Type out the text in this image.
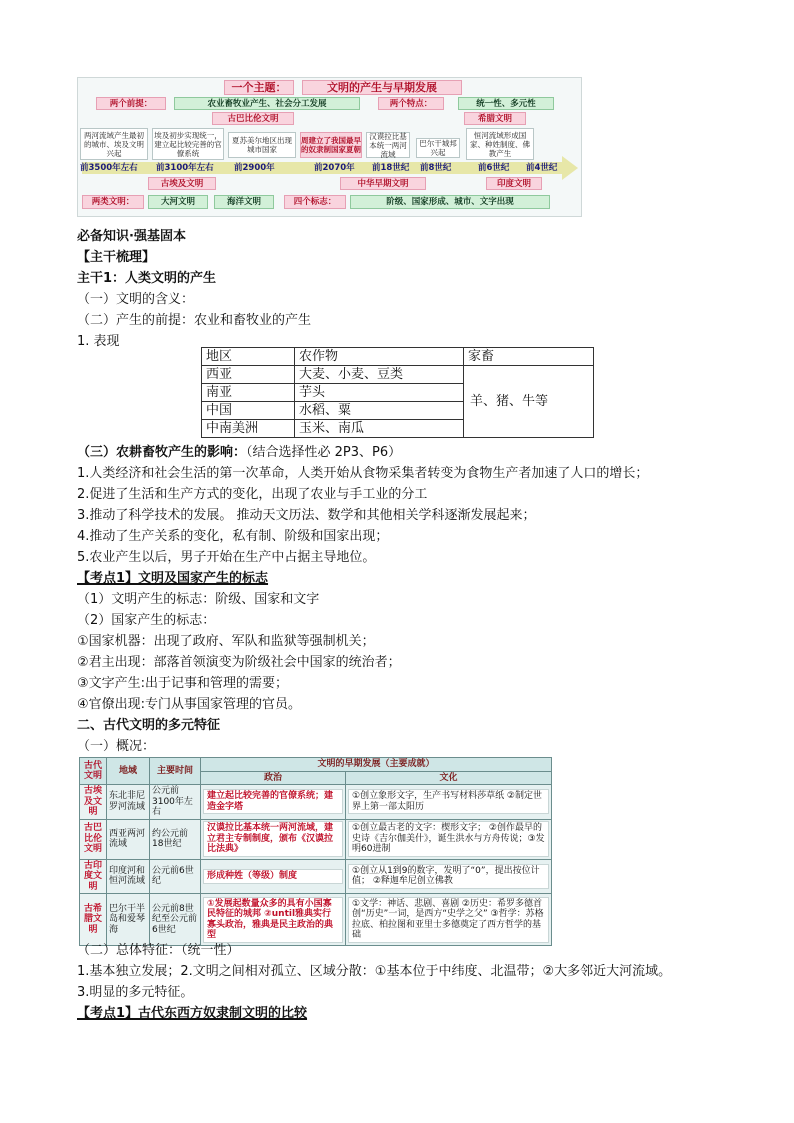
一个主题：	文明的产生与早期发展
两个前提：	农业畜牧业产生、社会分工发展	两个特点：	统一性、多元性
古巴比伦文明	希腊文明
两河流域产生最初的城市、埃及文明兴起
埃及初步实现统一，建立起比较完善的官僚系统
夏苏美尔地区出现城市国家
周建立了我国最早的奴隶制国家夏朝
汉谟拉比基本统一两河流域
巴尔干城邦兴起
恒河流域形成国家、种姓制度、佛教产生
前3500年左右 前3100年左右 前2900年	前2070年 前18世纪 前8世纪	前6世纪 前4世纪
古埃及文明	中华早期文明	印度文明
两类文明：	大河文明	海洋文明	四个标志：	阶级、国家形成、城市、文字出现
必备知识·强基固本
【主干梳理】
主干1：人类文明的产生
（一）文明的含义：
（二）产生的前提：农业和畜牧业的产生
1. 表现
地区	农作物	家畜
西亚	大麦、小麦、豆类	羊、猪、牛等
南亚	芋头	
中国	水稻、粟	
中南美洲	玉米、南瓜	
（三）农耕畜牧产生的影响：（结合选择性必 2P3、P6）
1.人类经济和社会生活的第一次革命，人类开始从食物采集者转变为食物生产者加速了人口的增长；
2.促进了生活和生产方式的变化，出现了农业与手工业的分工
3.推动了科学技术的发展。 推动天文历法、数学和其他相关学科逐渐发展起来；
4.推动了生产关系的变化，私有制、阶级和国家出现；
5.农业产生以后，男子开始在生产中占据主导地位。
【考点1】文明及国家产生的标志
（1）文明产生的标志：阶级、国家和文字
（2）国家产生的标志：
①国家机器：出现了政府、军队和监狱等强制机关；
②君主出现：部落首领演变为阶级社会中国家的统治者；
③文字产生:出于记事和管理的需要；
④官僚出现:专门从事国家管理的官员。
二、古代文明的多元特征
（一）概况：
古代文明	地域	主要时间	文明的早期发展（主要成就）	
			政治	文化
古埃及文明	东北非尼罗河流域	公元前3100年左右	建立起比较完善的官僚系统；建造金字塔	①创立象形文字，生产书写材料莎草纸 ②制定世界上第一部太阳历

古巴比伦文明	西亚两河流域	约公元前18世纪	汉谟拉比基本统一两河流域，建立君主专制制度，颁布《汉谟拉比法典》	①创立最古老的文字：楔形文字； ②创作最早的史诗《吉尔伽美什》，诞生洪水与方舟传说；③发明60进制

古印度文明	印度河和恒河流域	公元前6世纪	形成种姓（等级）制度	①创立从1到9的数字，发明了“0”，提出按位计值； ②释迦牟尼创立佛教

古希腊文明	巴尔干半岛和爱琴海	公元前8世纪至公元前6世纪	①发展起数量众多的具有小国寡民特征的城邦 ②until雅典实行寡头政治，雅典是民主政治的典型	①文学：神话、悲剧、喜剧 ②历史：希罗多德首创“历史”一词，是西方“史学之父” ③哲学：苏格拉底、柏拉图和亚里士多德奠定了西方哲学的基础
（二）总体特征：（统一性）
1.基本独立发展；2.文明之间相对孤立、区域分散：①基本位于中纬度、北温带；②大多邻近大河流域。
3.明显的多元特征。
【考点1】古代东西方奴隶制文明的比较
